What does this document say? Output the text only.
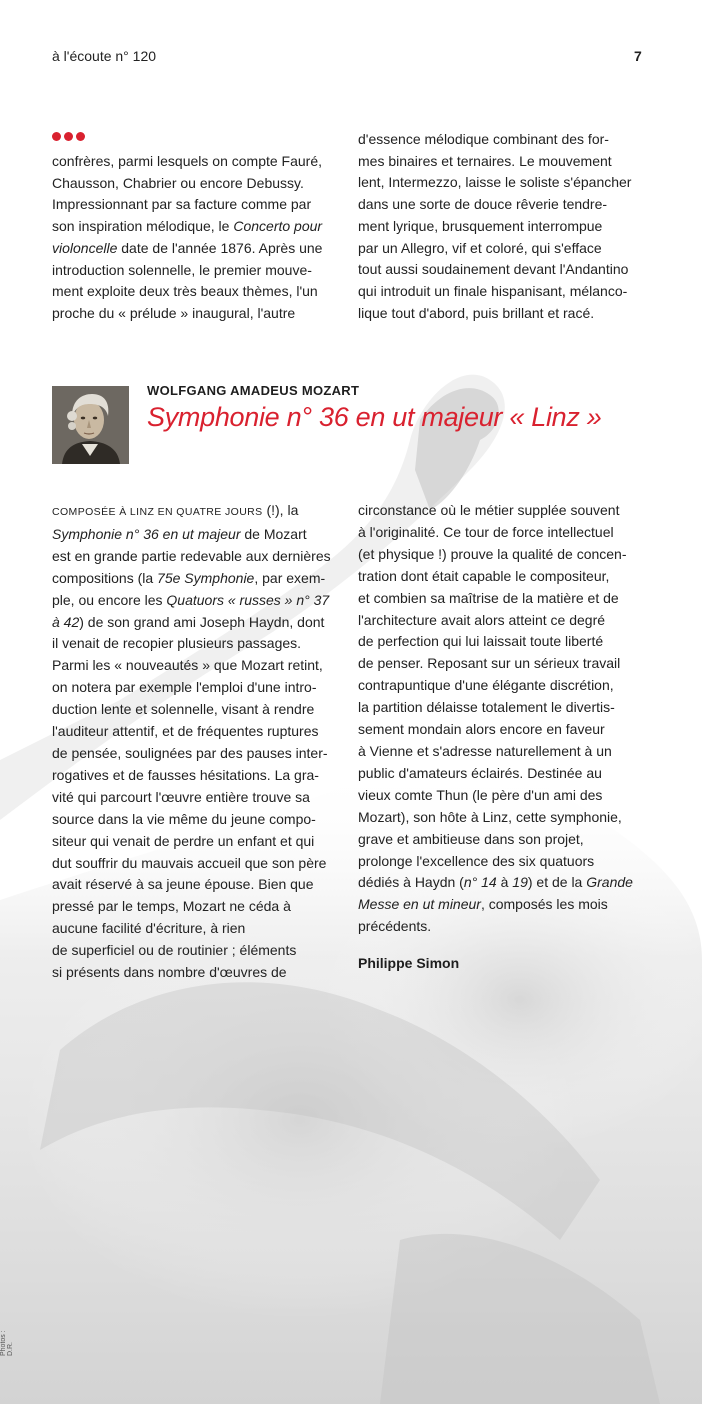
à l'écoute n° 120	7

confrères, parmi lesquels on compte Fauré,

Chausson, Chabrier ou encore Debussy.

Impressionnant par sa facture comme par

son inspiration mélodique, le Concerto pour

violoncelle date de l'année 1876. Après une

introduction solennelle, le premier mouve-

ment exploite deux très beaux thèmes, l'un

proche du « prélude » inaugural, l'autre

d'essence mélodique combinant des for-

mes binaires et ternaires. Le mouvement

lent, Intermezzo, laisse le soliste s'épancher

dans une sorte de douce rêverie tendre-

ment lyrique, brusquement interrompue

par un Allegro, vif et coloré, qui s'efface

tout aussi soudainement devant l'Andantino

qui introduit un finale hispanisant, mélanco-

lique tout d'abord, puis brillant et racé.

WOLFGANG AMADEUS MOZART
Symphonie n° 36 en ut majeur « Linz »

COMPOSÉE À LINZ EN QUATRE JOURS (!), la

Symphonie n° 36 en ut majeur de Mozart

est en grande partie redevable aux dernières

compositions (la 75e Symphonie, par exem-

ple, ou encore les Quatuors « russes » n° 37

à 42) de son grand ami Joseph Haydn, dont

il venait de recopier plusieurs passages.

Parmi les « nouveautés » que Mozart retint,

on notera par exemple l'emploi d'une intro-

duction lente et solennelle, visant à rendre

l'auditeur attentif, et de fréquentes ruptures

de pensée, soulignées par des pauses inter-

rogatives et de fausses hésitations. La gra-

vité qui parcourt l'œuvre entière trouve sa

source dans la vie même du jeune compo-

siteur qui venait de perdre un enfant et qui

dut souffrir du mauvais accueil que son père

avait réservé à sa jeune épouse. Bien que

pressé par le temps, Mozart ne céda à

aucune facilité d'écriture, à rien

de superficiel ou de routinier ; éléments

si présents dans nombre d'œuvres de

circonstance où le métier supplée souvent

à l'originalité. Ce tour de force intellectuel

(et physique !) prouve la qualité de concen-

tration dont était capable le compositeur,

et combien sa maîtrise de la matière et de

l'architecture avait alors atteint ce degré

de perfection qui lui laissait toute liberté

de penser. Reposant sur un sérieux travail

contrapuntique d'une élégante discrétion,

la partition délaisse totalement le divertis-

sement mondain alors encore en faveur

à Vienne et s'adresse naturellement à un

public d'amateurs éclairés. Destinée au

vieux comte Thun (le père d'un ami des

Mozart), son hôte à Linz, cette symphonie,

grave et ambitieuse dans son projet,

prolonge l'excellence des six quatuors

dédiés à Haydn (n° 14 à 19) et de la Grande

Messe en ut mineur, composés les mois

précédents.

Philippe Simon
Photos : D.R.
